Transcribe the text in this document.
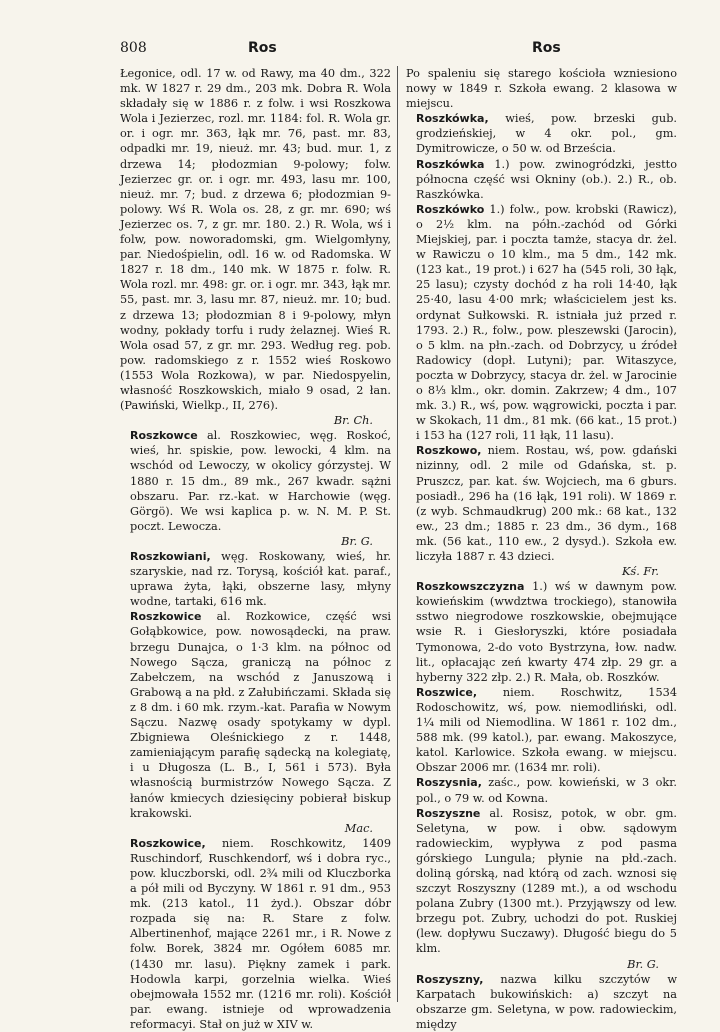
808	Ros	Ros

Łegonice, odl. 17 w. od Rawy, ma 40 dm., 322 mk. W 1827 r. 29 dm., 203 mk. Dobra R. Wola składały się w 1886 r. z folw. i wsi Roszkowa Wola i Jezierzec, rozl. mr. 1184: fol. R. Wola gr. or. i ogr. mr. 363, łąk mr. 76, past. mr. 83, odpadki mr. 19, nieuż. mr. 43; bud. mur. 1, z drzewa 14; płodozmian 9-polowy; folw. Jezierzec gr. or. i ogr. mr. 493, lasu mr. 100, nieuż. mr. 7; bud. z drzewa 6; płodozmian 9-polowy. Wś R. Wola os. 28, z gr. mr. 690; wś Jezierzec os. 7, z gr. mr. 180. 2.) R. Wola, wś i folw, pow. noworadomski, gm. Wielgomłyny, par. Niedośpielin, odl. 16 w. od Radomska. W 1827 r. 18 dm., 140 mk. W 1875 r. folw. R. Wola rozl. mr. 498: gr. or. i ogr. mr. 343, łąk mr. 55, past. mr. 3, lasu mr. 87, nieuż. mr. 10; bud. z drzewa 13; płodozmian 8 i 9-polowy, młyn wodny, pokłady torfu i rudy żelaznej. Wieś R. Wola osad 57, z gr. mr. 293. Według reg. pob. pow. radomskiego z r. 1552 wieś Roskowo (1553 Wola Rozkowa), w par. Niedospyelin, własność Roszkowskich, miało 9 osad, 2 łan. (Pawiński, Wielkp., II, 276).
Br. Ch.

Roszkowce al. Roszkowiec, węg. Roskoć, wieś, hr. spiskie, pow. lewocki, 4 klm. na wschód od Lewoczy, w okolicy górzystej. W 1880 r. 15 dm., 89 mk., 267 kwadr. sążni obszaru. Par. rz.-kat. w Harchowie (węg. Görgö). We wsi kaplica p. w. N. M. P. St. poczt. Lewocza.
Br. G.

Roszkowiani, węg. Roskowany, wieś, hr. szaryskie, nad rz. Torysą, kościół kat. paraf., uprawa żyta, łąki, obszerne lasy, młyny wodne, tartaki, 616 mk.

Roszkowice al. Rozkowice, część wsi Gołąbkowice, pow. nowosądecki, na praw. brzegu Dunajca, o 1·3 klm. na północ od Nowego Sącza, graniczą na północ z Zabełczem, na wschód z Januszową i Grabową a na płd. z Załubińczami. Składa się z 8 dm. i 60 mk. rzym.-kat. Parafia w Nowym Sączu. Nazwę osady spotykamy w dypl. Zbigniewa Oleśnickiego z r. 1448, zamieniającym parafię sądecką na kolegiatę, i u Długosza (L. B., I, 561 i 573). Była własnością burmistrzów Nowego Sącza. Z łanów kmiecych dziesięciny pobierał biskup krakowski.
Mac.

Roszkowice, niem. Roschkowitz, 1409 Ruschindorf, Ruschkendorf, wś i dobra ryc., pow. kluczborski, odl. 2¾ mili od Kluczborka a pół mili od Byczyny. W 1861 r. 91 dm., 953 mk. (213 katol., 11 żyd.). Obszar dóbr rozpada się na: R. Stare z folw. Albertinenhof, mające 2261 mr., i R. Nowe z folw. Borek, 3824 mr. Ogółem 6085 mr. (1430 mr. lasu). Piękny zamek i park. Hodowla karpi, gorzelnia wielka. Wieś obejmowała 1552 mr. (1216 mr. roli). Kościół par. ewang. istnieje od wprowadzenia reformacyi. Stał on już w XIV w.

Po spaleniu się starego kościoła wzniesiono nowy w 1849 r. Szkoła ewang. 2 klasowa w miejscu.

Roszkówka, wieś, pow. brzeski gub. grodzieńskiej, w 4 okr. pol., gm. Dymitrowicze, o 50 w. od Brześcia.

Roszkówka 1.) pow. zwinogródzki, jestto północna część wsi Okniny (ob.). 2.) R., ob. Raszkówka.

Roszkówko 1.) folw., pow. krobski (Rawicz), o 2½ klm. na półn.-zachód od Górki Miejskiej, par. i poczta tamże, stacya dr. żel. w Rawiczu o 10 klm., ma 5 dm., 142 mk. (123 kat., 19 prot.) i 627 ha (545 roli, 30 łąk, 25 lasu); czysty dochód z ha roli 14·40, łąk 25·40, lasu 4·00 mrk; właścicielem jest ks. ordynat Sułkowski. R. istniała już przed r. 1793. 2.) R., folw., pow. pleszewski (Jarocin), o 5 klm. na płn.-zach. od Dobrzycy, u źródeł Radowicy (dopł. Lutyni); par. Witaszyce, poczta w Dobrzycy, stacya dr. żel. w Jarocinie o 8⅓ klm., okr. domin. Zakrzew; 4 dm., 107 mk. 3.) R., wś, pow. wągrowicki, poczta i par. w Skokach, 11 dm., 81 mk. (66 kat., 15 prot.) i 153 ha (127 roli, 11 łąk, 11 lasu).

Roszkowo, niem. Rostau, wś, pow. gdański nizinny, odl. 2 mile od Gdańska, st. p. Pruszcz, par. kat. św. Wojciech, ma 6 gburs. posiadł., 296 ha (16 łąk, 191 roli). W 1869 r. (z wyb. Schmaudkrug) 200 mk.: 68 kat., 132 ew., 23 dm.; 1885 r. 23 dm., 36 dym., 168 mk. (56 kat., 110 ew., 2 dysyd.). Szkoła ew. liczyła 1887 r. 43 dzieci.
Kś. Fr.

Roszkowszczyzna 1.) wś w dawnym pow. kowieńskim (wwdztwa trockiego), stanowiła sstwo niegrodowe roszkowskie, obejmujące wsie R. i Giesłoryszki, które posiadała Tymonowa, 2-do voto Bystrzyna, łow. nadw. lit., opłacając zeń kwarty 474 złp. 29 gr. a hyberny 322 złp. 2.) R. Mała, ob. Roszków.

Roszwice, niem. Roschwitz, 1534 Rodoschowitz, wś, pow. niemodliński, odl. 1¼ mili od Niemodlina. W 1861 r. 102 dm., 588 mk. (99 katol.), par. ewang. Makoszyce, katol. Karlowice. Szkoła ewang. w miejscu. Obszar 2006 mr. (1634 mr. roli).

Roszysnia, zaśc., pow. kowieński, w 3 okr. pol., o 79 w. od Kowna.

Roszyszne al. Rosisz, potok, w obr. gm. Seletyna, w pow. i obw. sądowym radowieckim, wypływa z pod pasma górskiego Lungula; płynie na płd.-zach. doliną górską, nad którą od zach. wznosi się szczyt Roszyszny (1289 mt.), a od wschodu polana Zubry (1300 mt.). Przyjąwszy od lew. brzegu pot. Zubry, uchodzi do pot. Ruskiej (lew. dopływu Suczawy). Długość biegu do 5 klm.
Br. G.

Roszyszny, nazwa kilku szczytów w Karpatach bukowińskich: a) szczyt na obszarze gm. Seletyna, w pow. radowieckim, między
